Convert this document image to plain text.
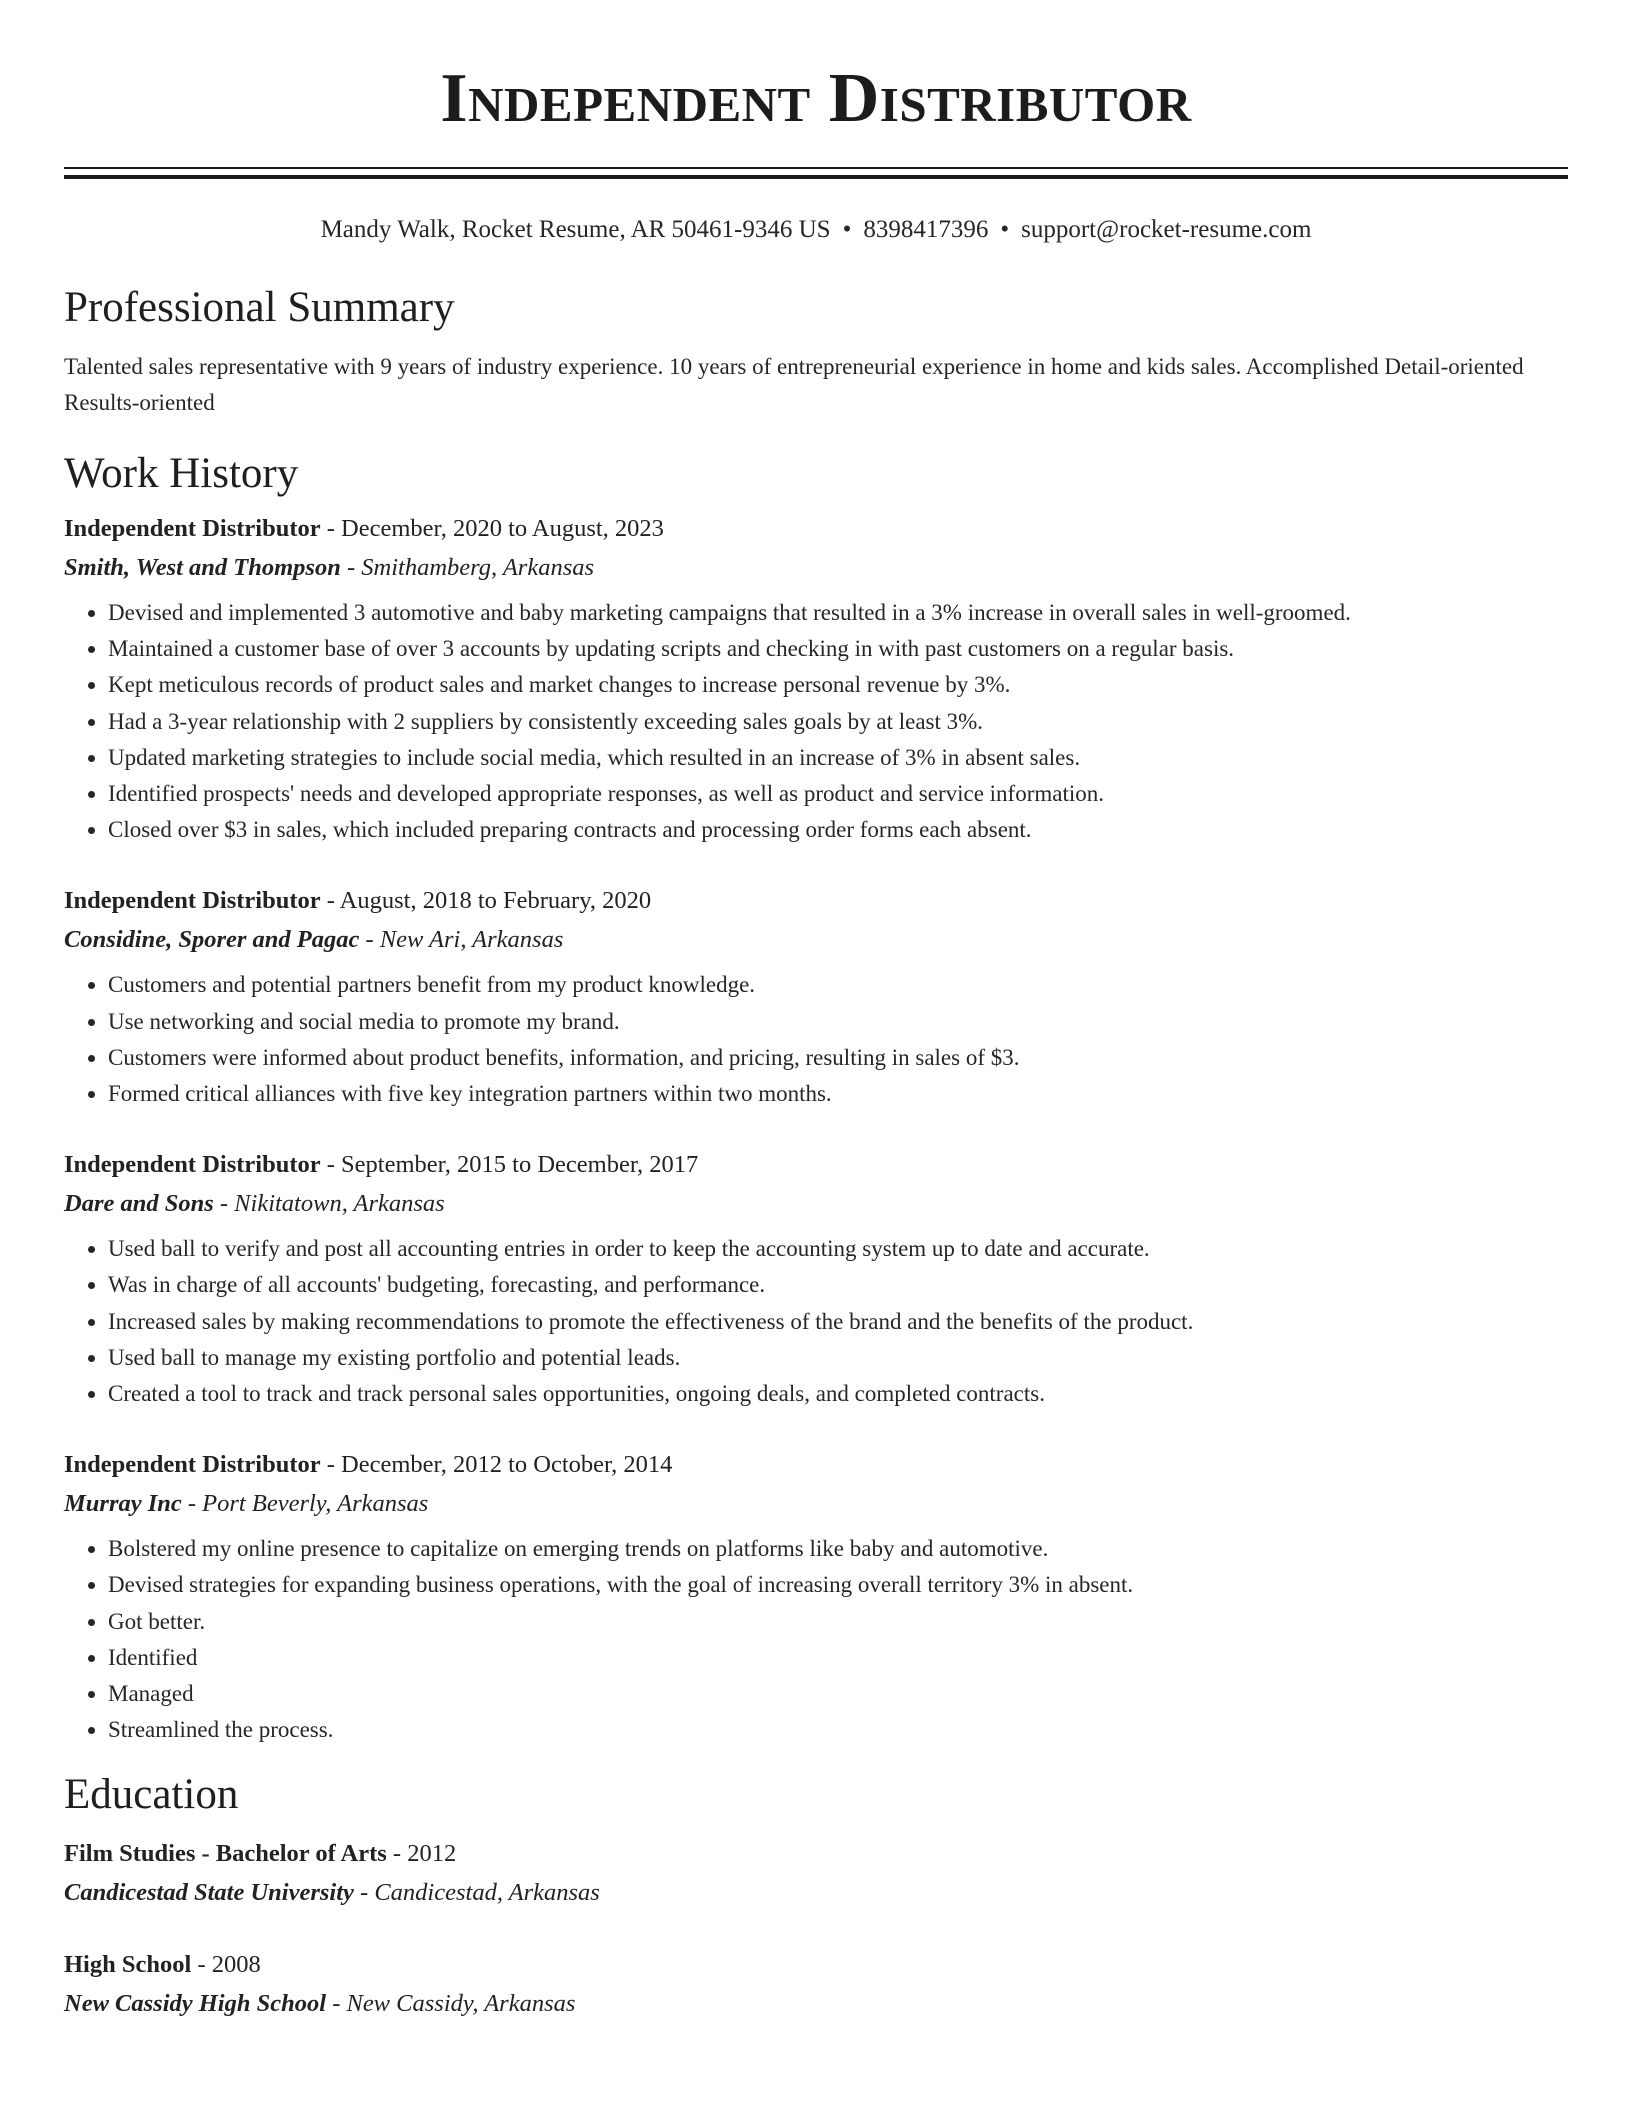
Independent Distributor
Mandy Walk, Rocket Resume, AR 50461-9346 US • 8398417396 • support@rocket-resume.com
Professional Summary
Talented sales representative with 9 years of industry experience. 10 years of entrepreneurial experience in home and kids sales. Accomplished Detail-oriented Results-oriented
Work History
Independent Distributor - December, 2020 to August, 2023
Smith, West and Thompson - Smithamberg, Arkansas
• Devised and implemented 3 automotive and baby marketing campaigns that resulted in a 3% increase in overall sales in well-groomed.
• Maintained a customer base of over 3 accounts by updating scripts and checking in with past customers on a regular basis.
• Kept meticulous records of product sales and market changes to increase personal revenue by 3%.
• Had a 3-year relationship with 2 suppliers by consistently exceeding sales goals by at least 3%.
• Updated marketing strategies to include social media, which resulted in an increase of 3% in absent sales.
• Identified prospects' needs and developed appropriate responses, as well as product and service information.
• Closed over $3 in sales, which included preparing contracts and processing order forms each absent.
Independent Distributor - August, 2018 to February, 2020
Considine, Sporer and Pagac - New Ari, Arkansas
• Customers and potential partners benefit from my product knowledge.
• Use networking and social media to promote my brand.
• Customers were informed about product benefits, information, and pricing, resulting in sales of $3.
• Formed critical alliances with five key integration partners within two months.
Independent Distributor - September, 2015 to December, 2017
Dare and Sons - Nikitatown, Arkansas
• Used ball to verify and post all accounting entries in order to keep the accounting system up to date and accurate.
• Was in charge of all accounts' budgeting, forecasting, and performance.
• Increased sales by making recommendations to promote the effectiveness of the brand and the benefits of the product.
• Used ball to manage my existing portfolio and potential leads.
• Created a tool to track and track personal sales opportunities, ongoing deals, and completed contracts.
Independent Distributor - December, 2012 to October, 2014
Murray Inc - Port Beverly, Arkansas
• Bolstered my online presence to capitalize on emerging trends on platforms like baby and automotive.
• Devised strategies for expanding business operations, with the goal of increasing overall territory 3% in absent.
• Got better.
• Identified
• Managed
• Streamlined the process.
Education
Film Studies - Bachelor of Arts - 2012
Candicestad State University - Candicestad, Arkansas
High School - 2008
New Cassidy High School - New Cassidy, Arkansas
